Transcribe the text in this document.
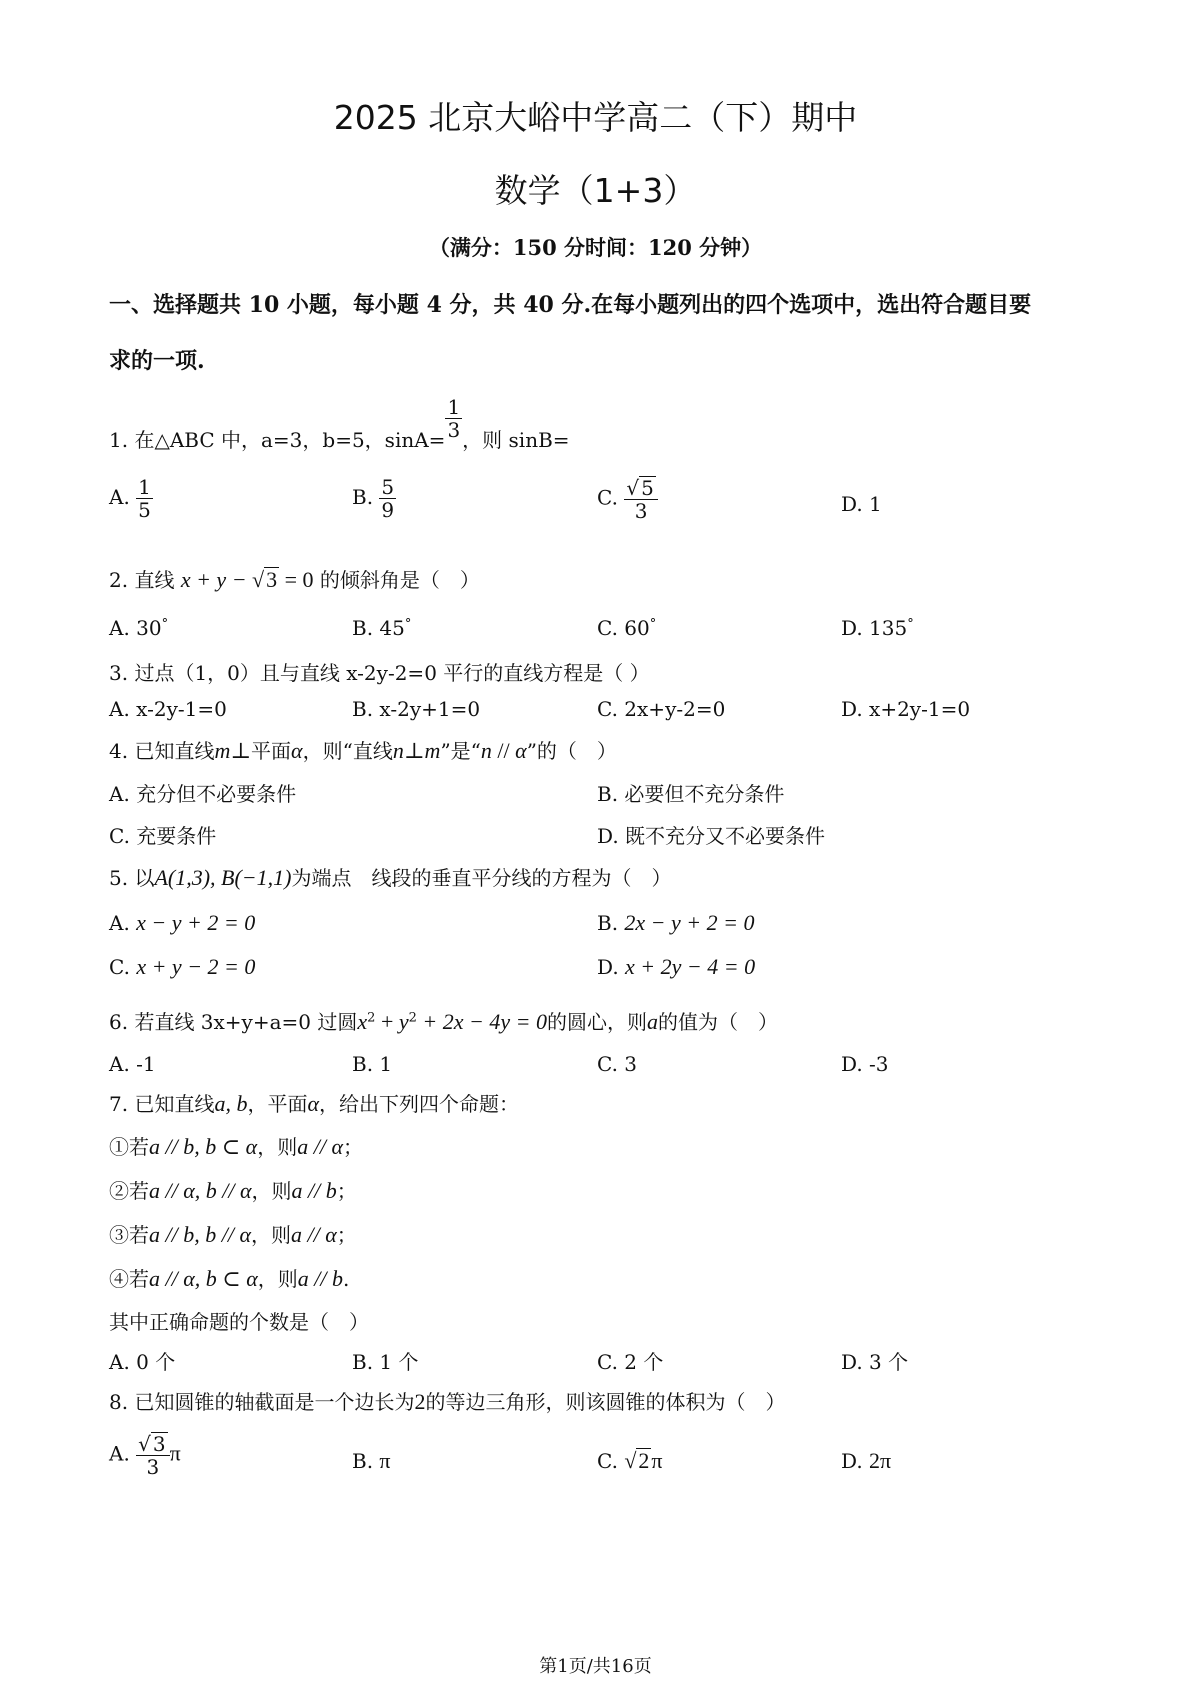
2025 北京大峪中学高二（下）期中
数学（1+3）
（满分：150 分时间：120 分钟）
一、选择题共 10 小题，每小题 4 分，共 40 分.在每小题列出的四个选项中，选出符合题目要
求的一项.
1. 在△ABC 中，a=3，b=5，$\sin A= \frac{1}{3}$ ，则 sinB=
A. $\frac{1}{5}$	B. $\frac{5}{9}$	C. $\frac{√ 5}{3}$	D. 1
2. 直线 x + y − √3 = 0 的倾斜角是（　）
A. 30°	B. 45°	C. 60°	D. 135°
3. 过点（1，0）且与直线 x-2y-2=0 平行的直线方程是（ ）
A. x-2y-1=0	B. x-2y+1=0	C. 2x+y-2=0	D. x+2y-1=0
4. 已知直线m⊥平面α，则“直线n⊥m”是“n // α”的（　）
A. 充分但不必要条件	B. 必要但不充分条件
C. 充要条件	D. 既不充分又不必要条件
5. 以A(1,3), B(−1,1)为端点　线段的垂直平分线的方程为（　）
A. x − y + 2 = 0	B. 2x − y + 2 = 0
C. x + y − 2 = 0	D. x + 2y − 4 = 0
6. 若直线 3x+y+a=0 过圆$x^2 + y^2 + 2x - 4y = 0$的圆心，则a的值为（　）
A. -1	B. 1	C. 3	D. -3
7. 已知直线a, b，平面α，给出下列四个命题：
①若a // b, b ⊂ α，则a // α；
②若a // α, b // α，则a // b；
③若a // b, b // α，则a // α；
④若a // α, b ⊂ α，则a // b.
其中正确命题的个数是（　）
A. 0 个	B. 1 个	C. 2 个	D. 3 个
8. 已知圆锥的轴截面是一个边长为2的等边三角形，则该圆锥的体积为（　）
A. $\frac{√ 3}{3}$ π	B. π	C. √2π	D. 2π
第1页/共16页
